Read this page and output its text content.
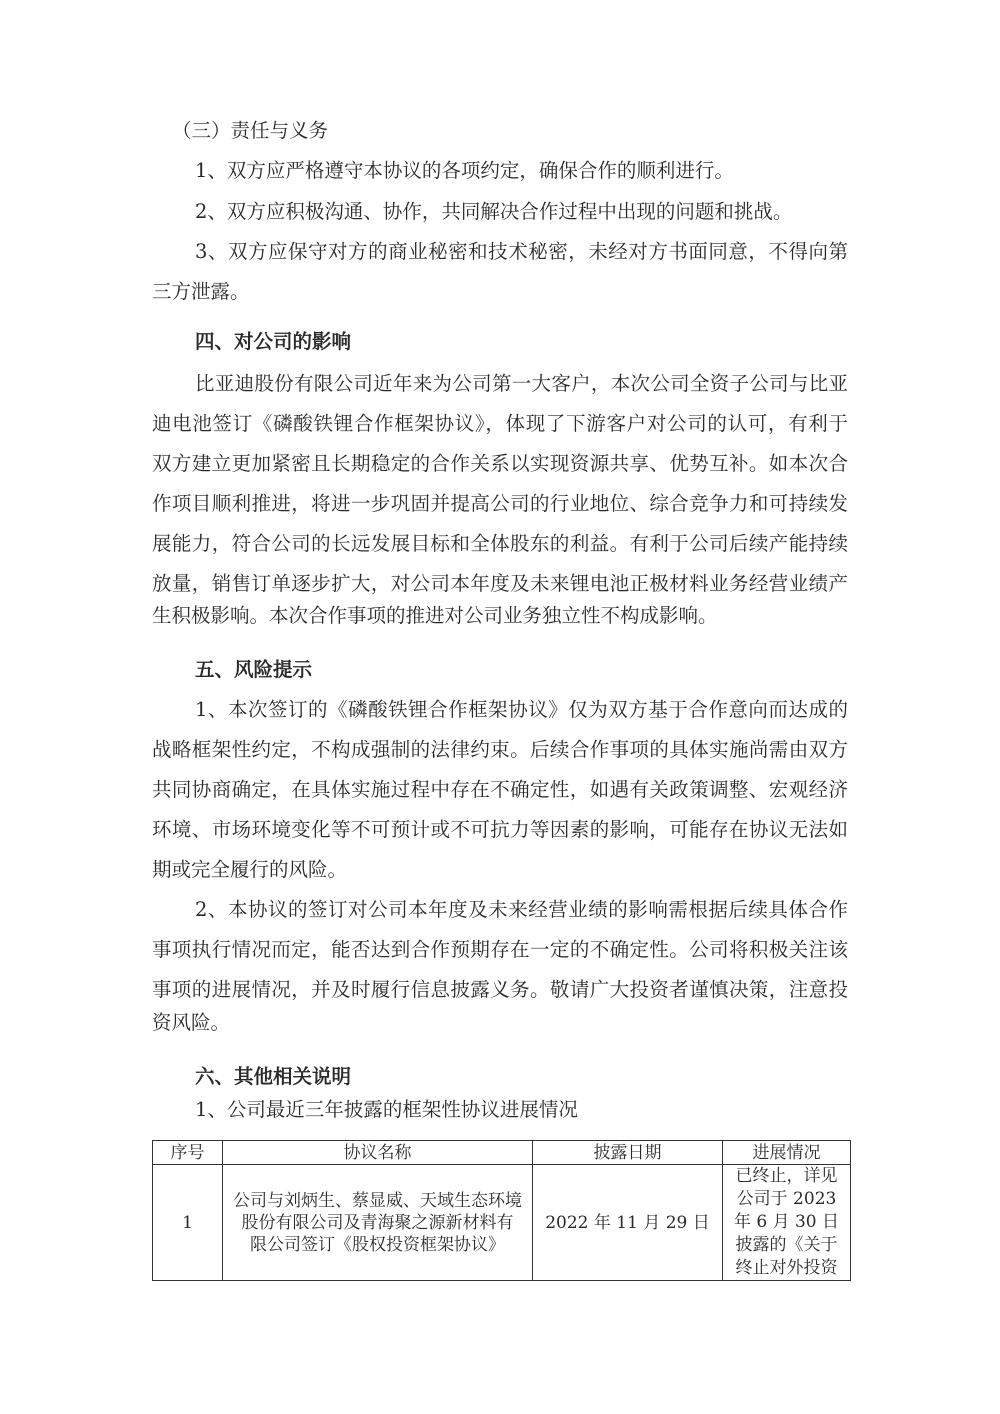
（三）责任与义务
1、双方应严格遵守本协议的各项约定，确保合作的顺利进行。
2、双方应积极沟通、协作，共同解决合作过程中出现的问题和挑战。
3、双方应保守对方的商业秘密和技术秘密，未经对方书面同意，不得向第
三方泄露。
四、对公司的影响
比亚迪股份有限公司近年来为公司第一大客户，本次公司全资子公司与比亚
迪电池签订《磷酸铁锂合作框架协议》，体现了下游客户对公司的认可，有利于
双方建立更加紧密且长期稳定的合作关系以实现资源共享、优势互补。如本次合
作项目顺利推进，将进一步巩固并提高公司的行业地位、综合竞争力和可持续发
展能力，符合公司的长远发展目标和全体股东的利益。有利于公司后续产能持续
放量，销售订单逐步扩大，对公司本年度及未来锂电池正极材料业务经营业绩产
生积极影响。本次合作事项的推进对公司业务独立性不构成影响。
五、风险提示
1、本次签订的《磷酸铁锂合作框架协议》仅为双方基于合作意向而达成的
战略框架性约定，不构成强制的法律约束。后续合作事项的具体实施尚需由双方
共同协商确定，在具体实施过程中存在不确定性，如遇有关政策调整、宏观经济
环境、市场环境变化等不可预计或不可抗力等因素的影响，可能存在协议无法如
期或完全履行的风险。
2、本协议的签订对公司本年度及未来经营业绩的影响需根据后续具体合作
事项执行情况而定，能否达到合作预期存在一定的不确定性。公司将积极关注该
事项的进展情况，并及时履行信息披露义务。敬请广大投资者谨慎决策，注意投
资风险。
六、其他相关说明
1、公司最近三年披露的框架性协议进展情况
序号	协议名称	披露日期	进展情况
1	公司与刘炳生、蔡显威、天域生态环境
股份有限公司及青海聚之源新材料有
限公司签订《股权投资框架协议》	2022 年 11 月 29 日	已终止，详见
公司于 2023
年 6 月 30 日
披露的《关于
终止对外投资
